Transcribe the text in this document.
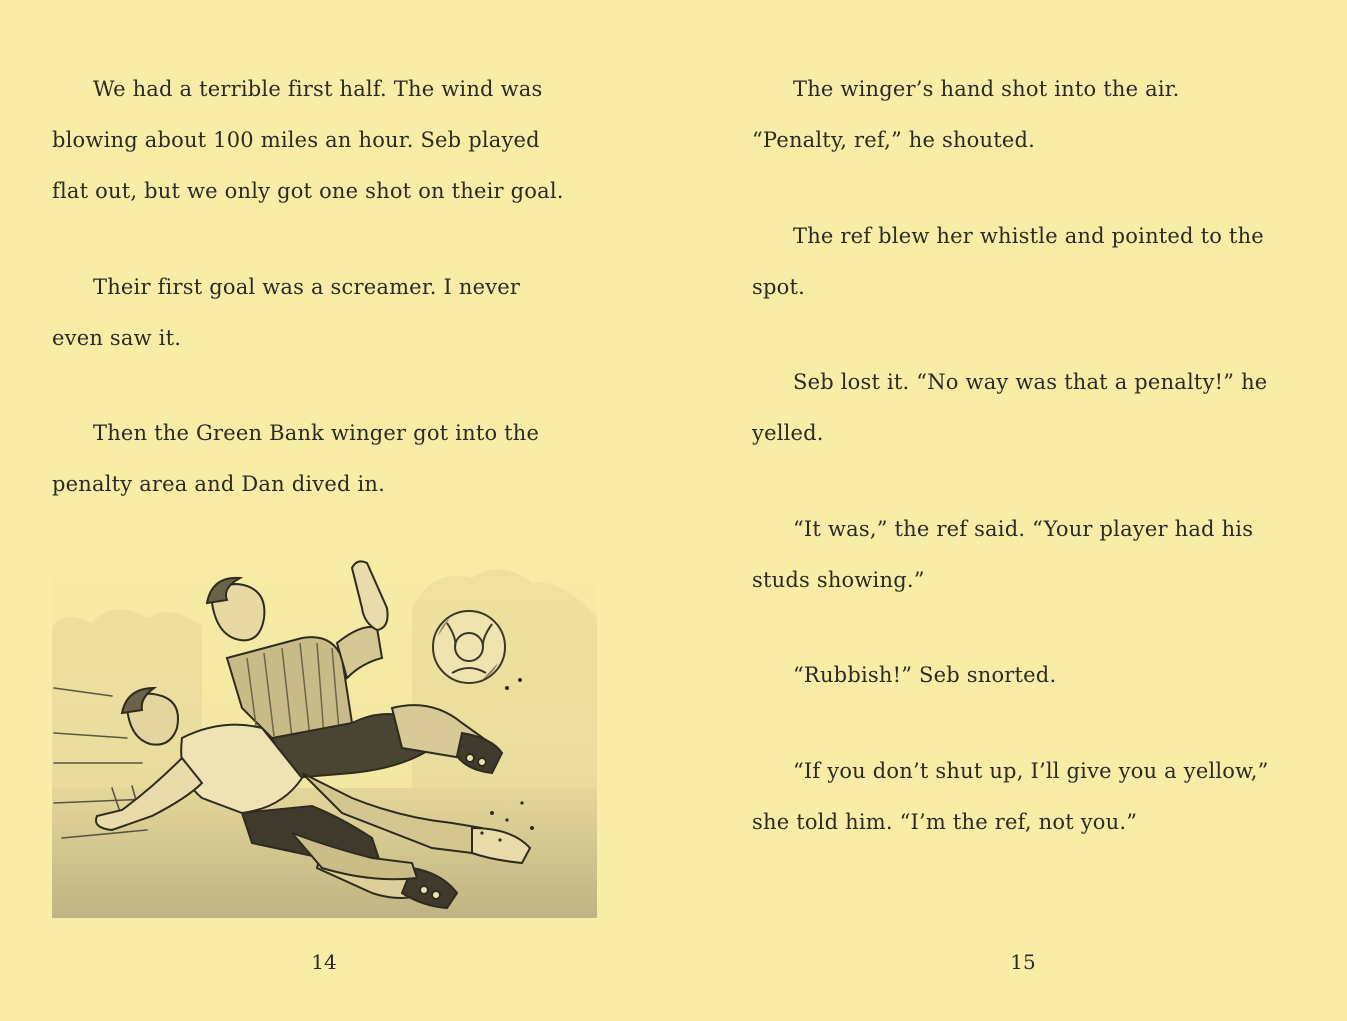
We had a terrible first half. The wind was
blowing about 100 miles an hour. Seb played
flat out, but we only got one shot on their goal.

Their first goal was a screamer. I never
even saw it.

Then the Green Bank winger got into the
penalty area and Dan dived in.

14

The winger’s hand shot into the air.
“Penalty, ref,” he shouted.

The ref blew her whistle and pointed to the
spot.

Seb lost it. “No way was that a penalty!” he
yelled.

“It was,” the ref said. “Your player had his
studs showing.”

“Rubbish!” Seb snorted.

“If you don’t shut up, I’ll give you a yellow,”
she told him. “I’m the ref, not you.”

15
